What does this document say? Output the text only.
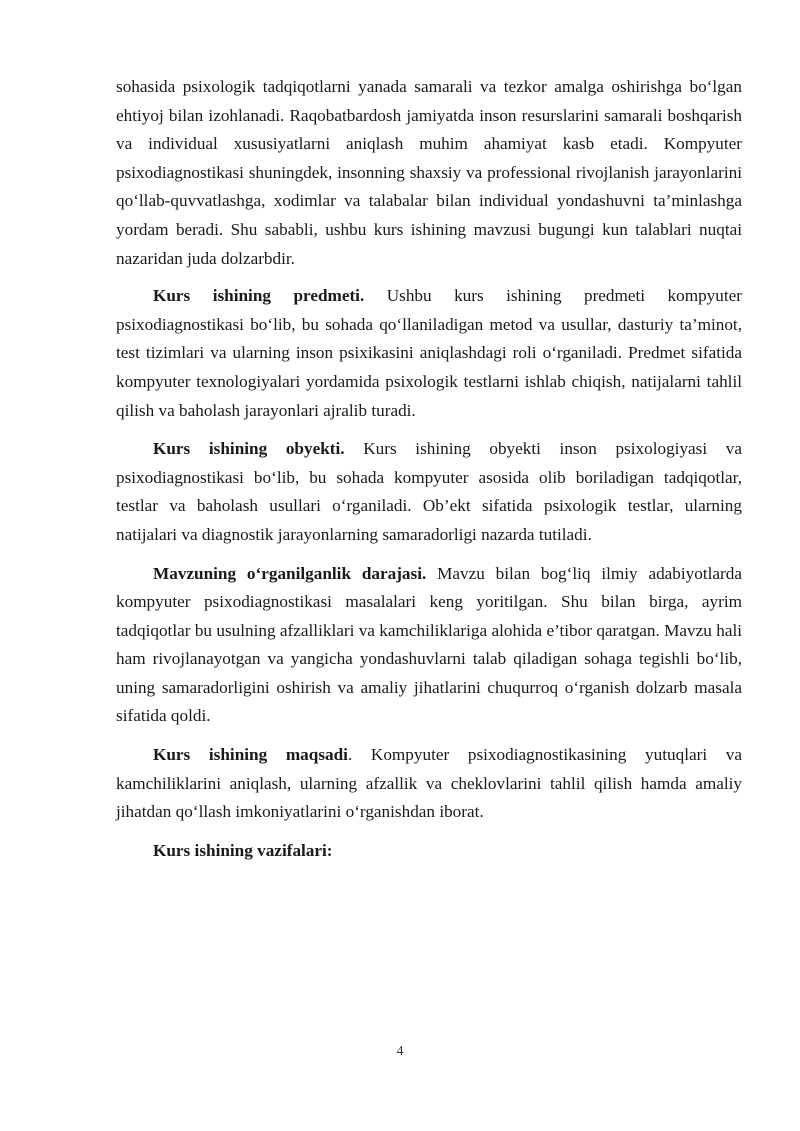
sohasida psixologik tadqiqotlarni yanada samarali va tezkor amalga oshirishga bo‘lgan ehtiyoj bilan izohlanadi. Raqobatbardosh jamiyatda inson resurslarini samarali boshqarish va individual xususiyatlarni aniqlash muhim ahamiyat kasb etadi. Kompyuter psixodiagnostikasi shuningdek, insonning shaxsiy va professional rivojlanish jarayonlarini qo‘llab-quvvatlashga, xodimlar va talabalar bilan individual yondashuvni ta’minlashga yordam beradi. Shu sababli, ushbu kurs ishining mavzusi bugungi kun talablari nuqtai nazaridan juda dolzarbdir.

Kurs ishining predmeti. Ushbu kurs ishining predmeti kompyuter psixodiagnostikasi bo‘lib, bu sohada qo‘llaniladigan metod va usullar, dasturiy ta’minot, test tizimlari va ularning inson psixikasini aniqlashdagi roli o‘rganiladi. Predmet sifatida kompyuter texnologiyalari yordamida psixologik testlarni ishlab chiqish, natijalarni tahlil qilish va baholash jarayonlari ajralib turadi.

Kurs ishining obyekti. Kurs ishining obyekti inson psixologiyasi va psixodiagnostikasi bo‘lib, bu sohada kompyuter asosida olib boriladigan tadqiqotlar, testlar va baholash usullari o‘rganiladi. Ob’ekt sifatida psixologik testlar, ularning natijalari va diagnostik jarayonlarning samaradorligi nazarda tutiladi.

Mavzuning o‘rganilganlik darajasi. Mavzu bilan bog‘liq ilmiy adabiyotlarda kompyuter psixodiagnostikasi masalalari keng yoritilgan. Shu bilan birga, ayrim tadqiqotlar bu usulning afzalliklari va kamchiliklariga alohida e’tibor qaratgan. Mavzu hali ham rivojlanayotgan va yangicha yondashuvlarni talab qiladigan sohaga tegishli bo‘lib, uning samaradorligini oshirish va amaliy jihatlarini chuqurroq o‘rganish dolzarb masala sifatida qoldi.

Kurs ishining maqsadi. Kompyuter psixodiagnostikasining yutuqlari va kamchiliklarini aniqlash, ularning afzallik va cheklovlarini tahlil qilish hamda amaliy jihatdan qo‘llash imkoniyatlarini o‘rganishdan iborat.

Kurs ishining vazifalari:

4
